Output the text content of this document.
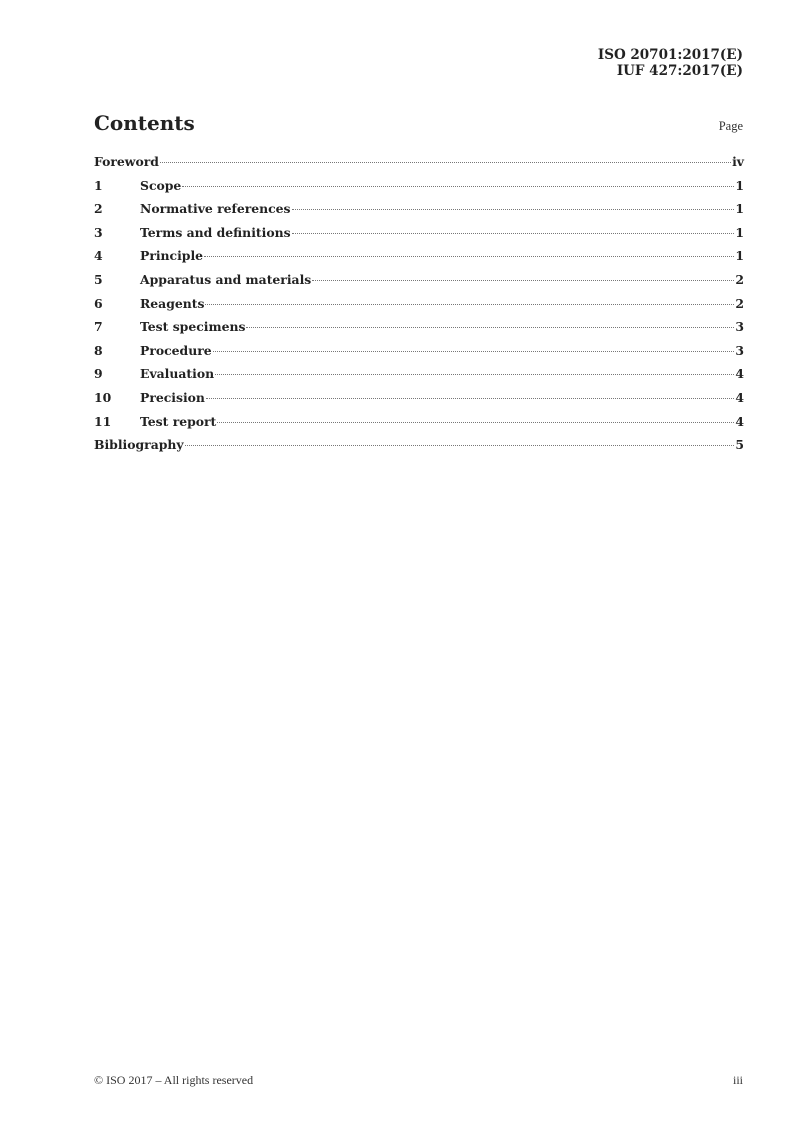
ISO 20701:2017(E)
IUF 427:2017(E)
Contents	Page
Foreword	iv
1	Scope	1
2	Normative references	1
3	Terms and definitions	1
4	Principle	1
5	Apparatus and materials	2
6	Reagents	2
7	Test specimens	3
8	Procedure	3
9	Evaluation	4
10	Precision	4
11	Test report	4
Bibliography	5
© ISO 2017 – All rights reserved	iii
